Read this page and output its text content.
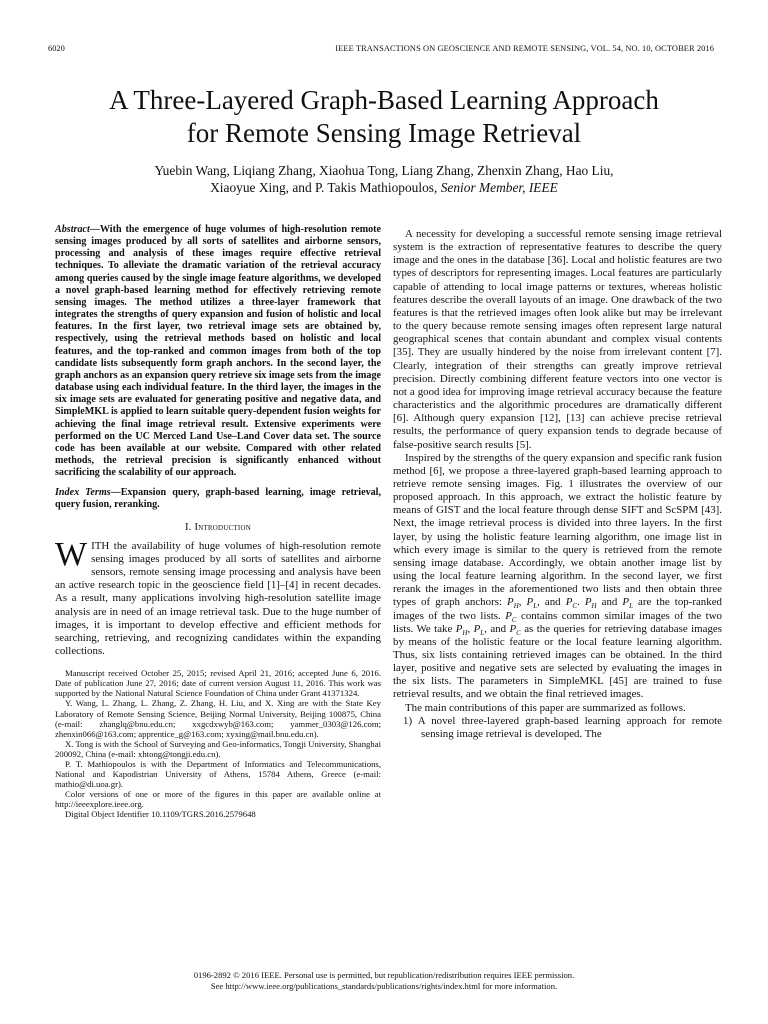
6020	IEEE TRANSACTIONS ON GEOSCIENCE AND REMOTE SENSING, VOL. 54, NO. 10, OCTOBER 2016
A Three-Layered Graph-Based Learning Approach
for Remote Sensing Image Retrieval
Yuebin Wang, Liqiang Zhang, Xiaohua Tong, Liang Zhang, Zhenxin Zhang, Hao Liu,
Xiaoyue Xing, and P. Takis Mathiopoulos, Senior Member, IEEE

Abstract—With the emergence of huge volumes of high-resolution remote sensing images produced by all sorts of satellites and airborne sensors, processing and analysis of these images require effective retrieval techniques. To alleviate the dramatic variation of the retrieval accuracy among queries caused by the single image feature algorithms, we developed a novel graph-based learning method for effectively retrieving remote sensing images. The method utilizes a three-layer framework that integrates the strengths of query expansion and fusion of holistic and local features. In the first layer, two retrieval image sets are obtained by, respectively, using the retrieval methods based on holistic and local features, and the top-ranked and common images from both of the top candidate lists subsequently form graph anchors. In the second layer, the graph anchors as an expansion query retrieve six image sets from the image database using each individual feature. In the third layer, the images in the six image sets are evaluated for generating positive and negative data, and SimpleMKL is applied to learn suitable query-dependent fusion weights for achieving the final image retrieval result. Extensive experiments were performed on the UC Merced Land Use–Land Cover data set. The source code has been available at our website. Compared with other related methods, the retrieval precision is significantly enhanced without sacrificing the scalability of our approach.

Index Terms—Expansion query, graph-based learning, image retrieval, query fusion, reranking.

I. Introduction

WITH the availability of huge volumes of high-resolution remote sensing images produced by all sorts of satellites and airborne sensors, remote sensing image processing and analysis have been an active research topic in the geoscience field [1]–[4] in recent decades. As a result, many applications involving high-resolution satellite image analysis are in need of an image retrieval task. Due to the huge number of images, it is important to develop effective and efficient methods for searching, retrieving, and recognizing candidates within the expanding collections.

Manuscript received October 25, 2015; revised April 21, 2016; accepted June 6, 2016. Date of publication June 27, 2016; date of current version August 11, 2016. This work was supported by the National Natural Science Foundation of China under Grant 41371324.

Y. Wang, L. Zhang, L. Zhang, Z. Zhang, H. Liu, and X. Xing are with the State Key Laboratory of Remote Sensing Science, Beijing Normal University, Beijing 100875, China (e-mail: zhanglq@bnu.edu.cn; xxgcdxwyb@163.com; yammer_0303@126.com; zhenxin066@163.com; apprentice_g@163.com; xyxing@mail.bnu.edu.cn).

X. Tong is with the School of Surveying and Geo-informatics, Tongji University, Shanghai 200092, China (e-mail: xhtong@tongji.edu.cn).

P. T. Mathiopoulos is with the Department of Informatics and Telecommunications, National and Kapodistrian University of Athens, 15784 Athens, Greece (e-mail: mathio@di.uoa.gr).

Color versions of one or more of the figures in this paper are available online at http://ieeexplore.ieee.org.

Digital Object Identifier 10.1109/TGRS.2016.2579648

A necessity for developing a successful remote sensing image retrieval system is the extraction of representative features to describe the query image and the ones in the database [36]. Local and holistic features are two types of descriptors for representing images. Local features are particularly capable of attending to local image patterns or textures, whereas holistic features describe the overall layouts of an image. One drawback of the two features is that the retrieved images often look alike but may be irrelevant to the query because remote sensing images often represent large natural geographical scenes that contain abundant and complex visual contents [35]. They are usually hindered by the noise from irrelevant content [7]. Clearly, integration of their strengths can greatly improve retrieval precision. Directly combining different feature vectors into one vector is not a good idea for improving image retrieval accuracy because the feature characteristics and the algorithmic procedures are dramatically different [6]. Although query expansion [12], [13] can achieve precise retrieval results, the performance of query expansion tends to degrade because of false-positive search results [5].

Inspired by the strengths of the query expansion and specific rank fusion method [6], we propose a three-layered graph-based learning approach to retrieve remote sensing images. Fig. 1 illustrates the overview of our proposed approach. In this approach, we extract the holistic feature by means of GIST and the local feature through dense SIFT and ScSPM [43]. Next, the image retrieval process is divided into three layers. In the first layer, by using the holistic feature learning algorithm, one image list in which every image is similar to the query is retrieved from the remote sensing image database. Accordingly, we obtain another image list by using the local feature learning algorithm. In the second layer, we first rerank the images in the aforementioned two lists and then obtain three types of graph anchors: $P_H$, $P_L$, and $P_C$. $P_H$ and $P_L$ are the top-ranked images of the two lists. $P_C$ contains common similar images of the two lists. We take $P_H$, $P_L$, and $P_C$ as the queries for retrieving database images by means of the holistic feature or the local feature learning algorithm. Thus, six lists containing retrieved images can be obtained. In the third layer, positive and negative sets are selected by evaluating the images in the six lists. The parameters in SimpleMKL [45] are trained to fuse retrieval results, and we obtain the final retrieved images.

The main contributions of this paper are summarized as follows.

1) A novel three-layered graph-based learning approach for remote sensing image retrieval is developed. The

0196-2892 © 2016 IEEE. Personal use is permitted, but republication/redistribution requires IEEE permission.
See http://www.ieee.org/publications_standards/publications/rights/index.html for more information.
